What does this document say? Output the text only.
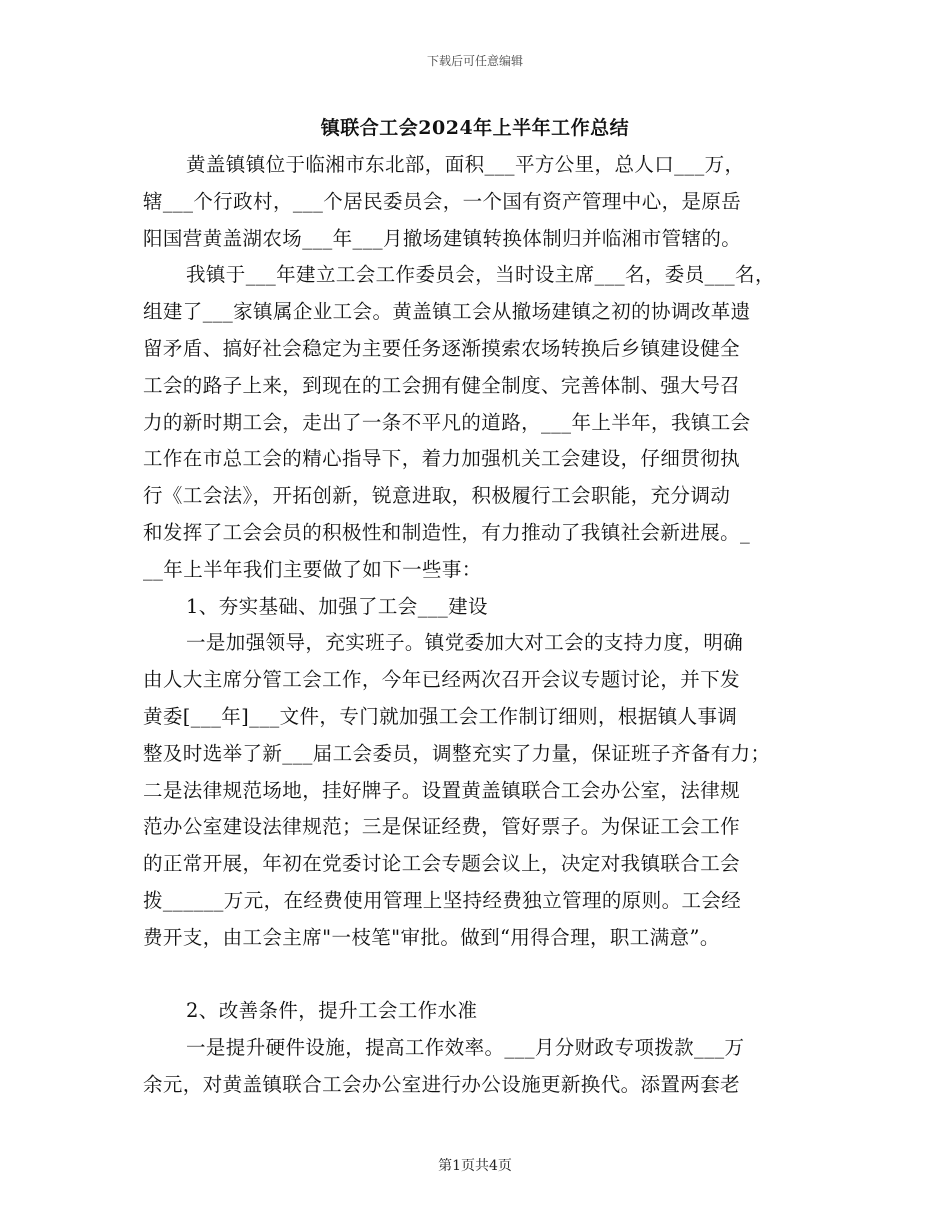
下载后可任意编辑
镇联合工会2024年上半年工作总结
黄盖镇镇位于临湘市东北部，面积___平方公里，总人口___万，
辖___个行政村，___个居民委员会，一个国有资产管理中心，是原岳
阳国营黄盖湖农场___年___月撤场建镇转换体制归并临湘市管辖的。
我镇于___年建立工会工作委员会，当时设主席___名，委员___名，
组建了___家镇属企业工会。黄盖镇工会从撤场建镇之初的协调改革遗
留矛盾、搞好社会稳定为主要任务逐渐摸索农场转换后乡镇建设健全
工会的路子上来，到现在的工会拥有健全制度、完善体制、强大号召
力的新时期工会，走出了一条不平凡的道路，___年上半年，我镇工会
工作在市总工会的精心指导下，着力加强机关工会建设，仔细贯彻执
行《工会法》，开拓创新，锐意进取，积极履行工会职能，充分调动
和发挥了工会会员的积极性和制造性，有力推动了我镇社会新进展。_
__年上半年我们主要做了如下一些事：
1、夯实基础、加强了工会___建设
一是加强领导，充实班子。镇党委加大对工会的支持力度，明确
由人大主席分管工会工作，今年已经两次召开会议专题讨论，并下发
黄委[___年]___文件，专门就加强工会工作制订细则，根据镇人事调
整及时选举了新___届工会委员，调整充实了力量，保证班子齐备有力；
二是法律规范场地，挂好牌子。设置黄盖镇联合工会办公室，法律规
范办公室建设法律规范；三是保证经费，管好票子。为保证工会工作
的正常开展，年初在党委讨论工会专题会议上，决定对我镇联合工会
拨______万元，在经费使用管理上坚持经费独立管理的原则。工会经
费开支，由工会主席"一枝笔"审批。做到“用得合理，职工满意”。
2、改善条件，提升工会工作水准
一是提升硬件设施，提高工作效率。___月分财政专项拨款___万
余元，对黄盖镇联合工会办公室进行办公设施更新换代。添置两套老
第1页共4页
